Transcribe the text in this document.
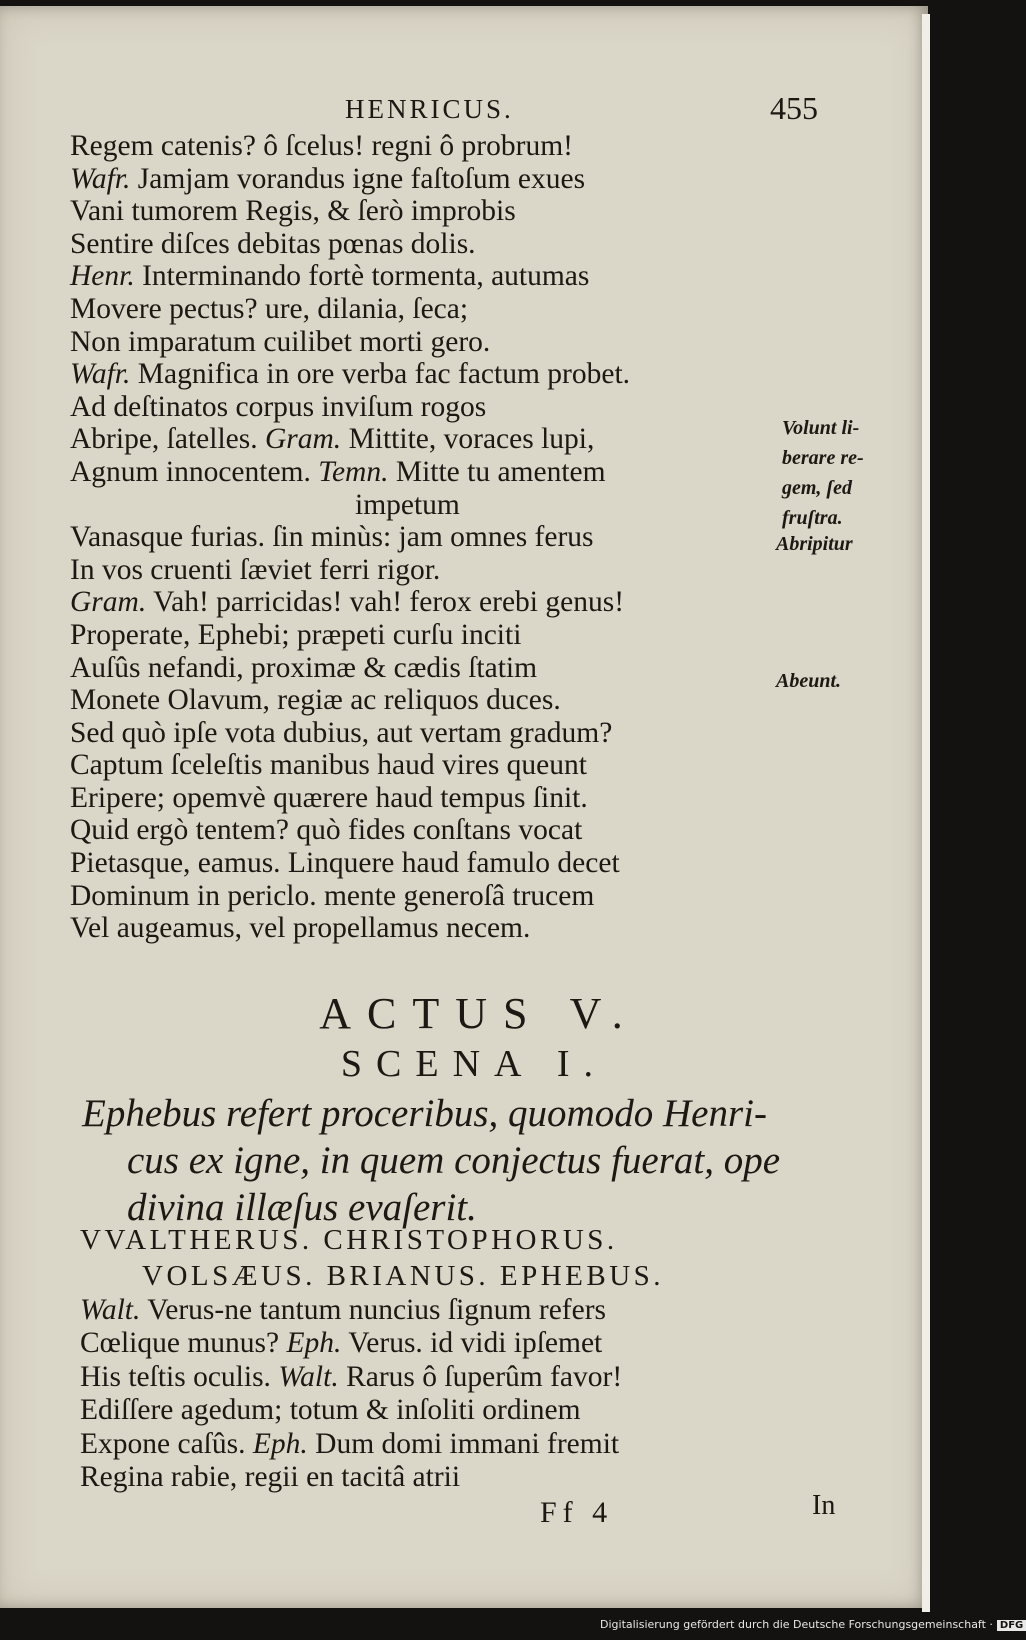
HENRICUS.	455
Volunt li-
berare re-
gem, ſed
fruſtra.
Abripitur
Abeunt.
Regem catenis? ô ſcelus! regni ô probrum!
Wafr. Jamjam vorandus igne faſtoſum exues
Vani tumorem Regis, & ſerò improbis
Sentire diſces debitas pœnas dolis.
Henr. Interminando fortè tormenta, autumas
Movere pectus? ure, dilania, ſeca;
Non imparatum cuilibet morti gero.
Wafr. Magnifica in ore verba fac factum probet.
Ad deſtinatos corpus inviſum rogos
Abripe, ſatelles. Gram. Mittite, voraces lupi,
Agnum innocentem. Temn. Mitte tu amentem
impetum
Vanasque furias. ſin minùs: jam omnes ferus
In vos cruenti ſæviet ferri rigor.
Gram. Vah! parricidas! vah! ferox erebi genus!
Properate, Ephebi; præpeti curſu inciti
Auſûs nefandi, proximæ & cædis ſtatim
Monete Olavum, regiæ ac reliquos duces.
Sed quò ipſe vota dubius, aut vertam gradum?
Captum ſceleſtis manibus haud vires queunt
Eripere; opemvè quærere haud tempus ſinit.
Quid ergò tentem? quò fides conſtans vocat
Pietasque, eamus. Linquere haud famulo decet
Dominum in periclo. mente generoſâ trucem
Vel augeamus, vel propellamus necem.
ACTUS V.
SCENA I.
Ephebus refert proceribus, quomodo Henri-
cus ex igne, in quem conjectus fuerat, ope
divina illæſus evaſerit.
VVALTHERUS. CHRISTOPHORUS.
VOLSÆUS. BRIANUS. EPHEBUS.
Walt. Verus-ne tantum nuncius ſignum refers
Cœlique munus? Eph. Verus. id vidi ipſemet
His teſtis oculis. Walt. Rarus ô ſuperûm favor!
Ediſſere agedum; totum & inſoliti ordinem
Expone caſûs. Eph. Dum domi immani fremit
Regina rabie, regii en tacitâ atrii
Ff 4	In
Digitalisierung gefördert durch die Deutsche Forschungsgemeinschaft · DFG
